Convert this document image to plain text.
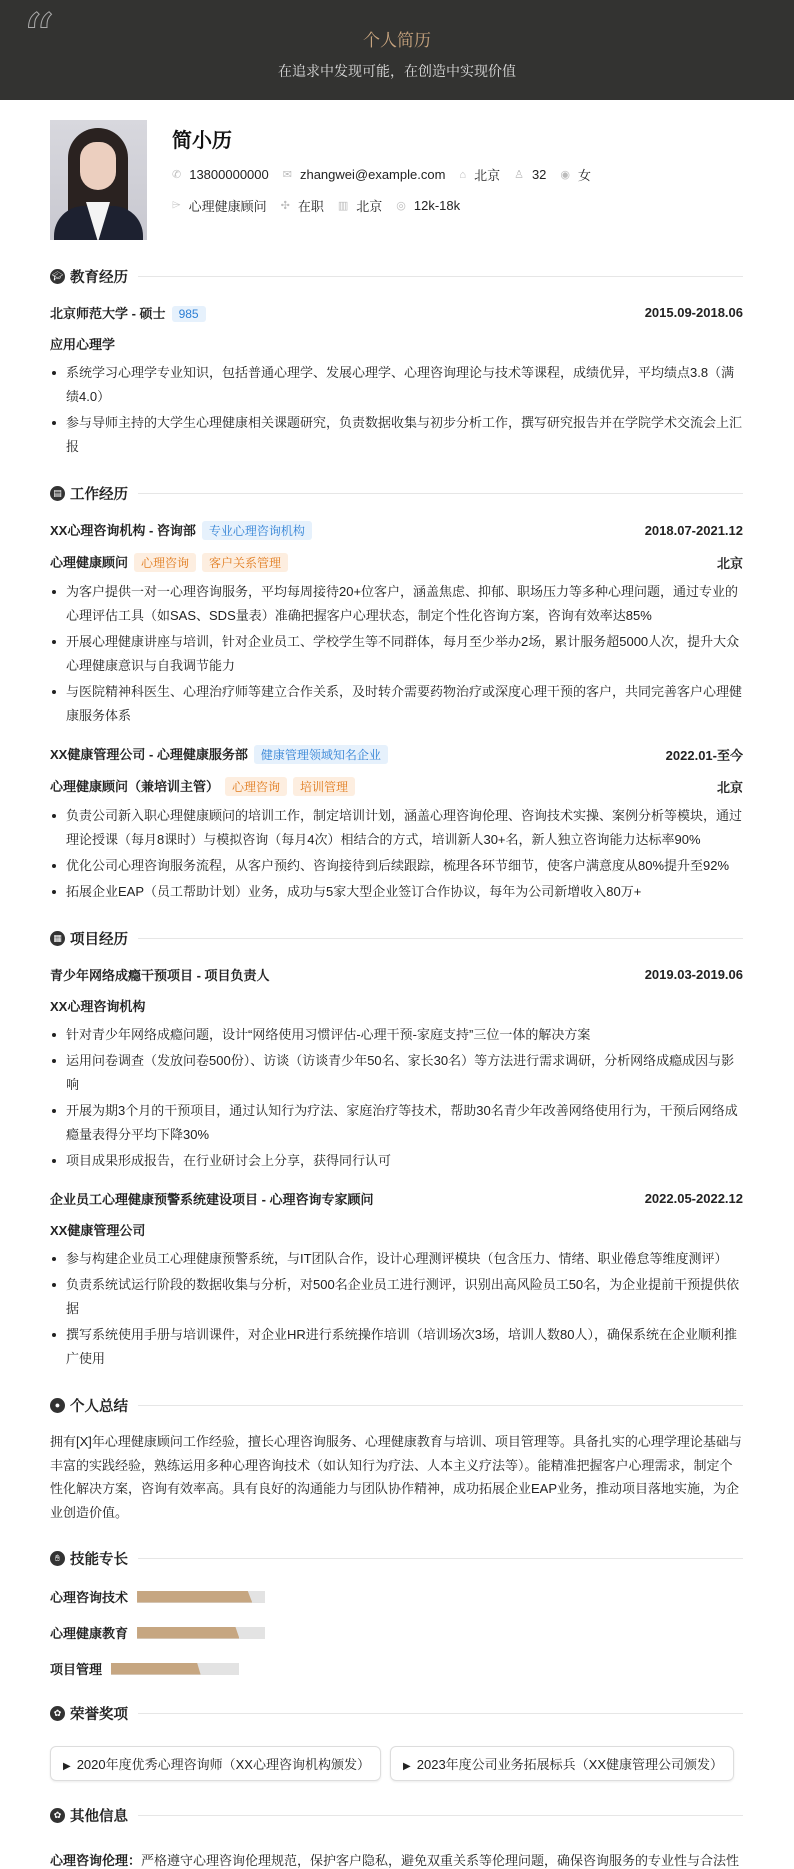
“	个人简历
在追求中发现可能，在创造中实现价值
简小历
✆ 13800000000 ✉ zhangwei@example.com ⌂ 北京 ♙ 32 ◉ 女
⌲ 心理健康顾问 ✣ 在职 ▥ 北京 ◎ 12k-18k
🎓︎ 教育经历
北京师范大学 - 硕士 985	2015.09-2018.06
应用心理学
系统学习心理学专业知识，包括普通心理学、发展心理学、心理咨询理论与技术等课程，成绩优异，平均绩点3.8（满绩4.0）
参与导师主持的大学生心理健康相关课题研究，负责数据收集与初步分析工作，撰写研究报告并在学院学术交流会上汇报
▤ 工作经历
XX心理咨询机构 - 咨询部 专业心理咨询机构	2018.07-2021.12
心理健康顾问 心理咨询 客户关系管理	北京
为客户提供一对一心理咨询服务，平均每周接待20+位客户，涵盖焦虑、抑郁、职场压力等多种心理问题，通过专业的心理评估工具（如SAS、SDS量表）准确把握客户心理状态，制定个性化咨询方案，咨询有效率达85%
开展心理健康讲座与培训，针对企业员工、学校学生等不同群体，每月至少举办2场，累计服务超5000人次，提升大众心理健康意识与自我调节能力
与医院精神科医生、心理治疗师等建立合作关系，及时转介需要药物治疗或深度心理干预的客户，共同完善客户心理健康服务体系
XX健康管理公司 - 心理健康服务部 健康管理领域知名企业	2022.01-至今
心理健康顾问（兼培训主管） 心理咨询 培训管理	北京
负责公司新入职心理健康顾问的培训工作，制定培训计划，涵盖心理咨询伦理、咨询技术实操、案例分析等模块，通过理论授课（每月8课时）与模拟咨询（每月4次）相结合的方式，培训新人30+名，新人独立咨询能力达标率90%
优化公司心理咨询服务流程，从客户预约、咨询接待到后续跟踪，梳理各环节细节，使客户满意度从80%提升至92%
拓展企业EAP（员工帮助计划）业务，成功与5家大型企业签订合作协议，每年为公司新增收入80万+
▦ 项目经历
青少年网络成瘾干预项目 - 项目负责人	2019.03-2019.06
XX心理咨询机构
针对青少年网络成瘾问题，设计“网络使用习惯评估-心理干预-家庭支持”三位一体的解决方案
运用问卷调查（发放问卷500份）、访谈（访谈青少年50名、家长30名）等方法进行需求调研，分析网络成瘾成因与影响
开展为期3个月的干预项目，通过认知行为疗法、家庭治疗等技术，帮助30名青少年改善网络使用行为，干预后网络成瘾量表得分平均下降30%
项目成果形成报告，在行业研讨会上分享，获得同行认可
企业员工心理健康预警系统建设项目 - 心理咨询专家顾问	2022.05-2022.12
XX健康管理公司
参与构建企业员工心理健康预警系统，与IT团队合作，设计心理测评模块（包含压力、情绪、职业倦怠等维度测评）
负责系统试运行阶段的数据收集与分析，对500名企业员工进行测评，识别出高风险员工50名，为企业提前干预提供依据
撰写系统使用手册与培训课件，对企业HR进行系统操作培训（培训场次3场，培训人数80人），确保系统在企业顺利推广使用
● 个人总结
拥有[X]年心理健康顾问工作经验，擅长心理咨询服务、心理健康教育与培训、项目管理等。具备扎实的心理学理论基础与丰富的实践经验，熟练运用多种心理咨询技术（如认知行为疗法、人本主义疗法等）。能精准把握客户心理需求，制定个性化解决方案，咨询有效率高。具有良好的沟通能力与团队协作精神，成功拓展企业EAP业务，推动项目落地实施，为企业创造价值。
✋︎ 技能专长
心理咨询技术
心理健康教育
项目管理
✿ 荣誉奖项
▶ 2020年度优秀心理咨询师（XX心理咨询机构颁发）	▶ 2023年度公司业务拓展标兵（XX健康管理公司颁发）
✿ 其他信息
心理咨询伦理：严格遵守心理咨询伦理规范，保护客户隐私，避免双重关系等伦理问题，确保咨询服务的专业性与合法性
